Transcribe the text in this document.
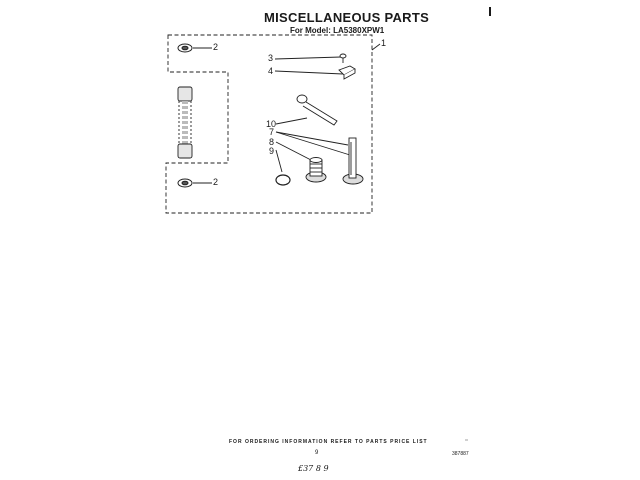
MISCELLANEOUS PARTS
For Model: LA5380XPW1
1
2
2
3
4
10
7
8
9
FOR ORDERING INFORMATION REFER TO PARTS PRICE LIST
9	387887
£37 8 9
